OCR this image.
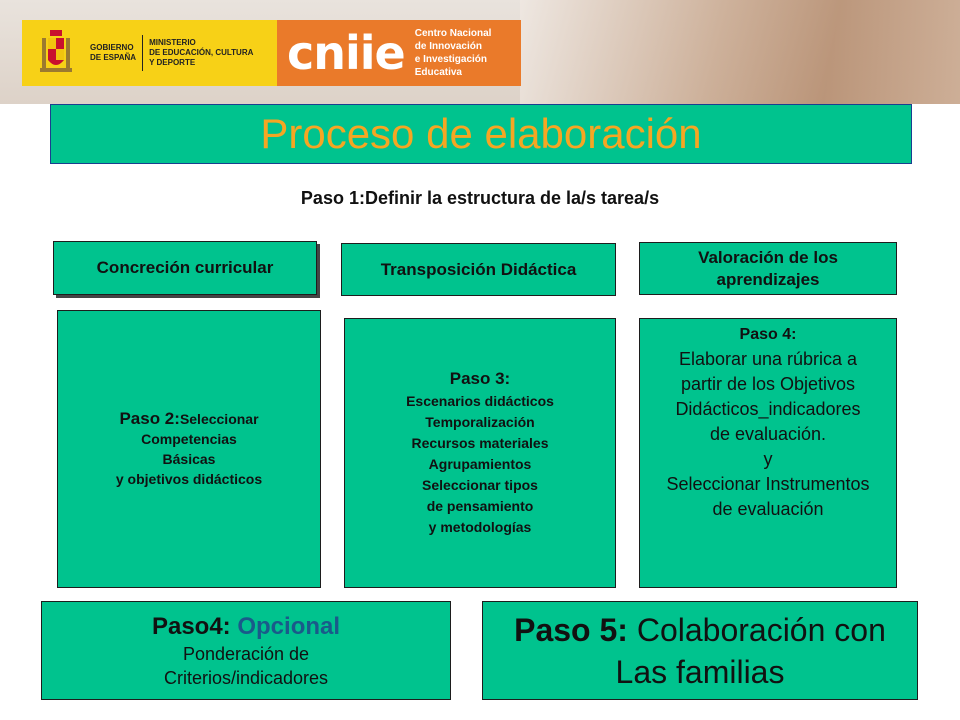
GOBIERNO
DE ESPAÑA
MINISTERIO
DE EDUCACIÓN, CULTURA
Y DEPORTE	cniie Centro Nacional
de Innovación
e Investigación Educativa
Proceso de elaboración
Paso 1:Definir la estructura de la/s tarea/s
Concreción curricular	Transposición Didáctica
Valoración de los
aprendizajes
Paso 2:Seleccionar
Competencias
Básicas
y objetivos didácticos
Paso 3:
Escenarios didácticos
Temporalización
Recursos materiales
Agrupamientos
Seleccionar tipos
de pensamiento
y metodologías
Paso 4:
Elaborar una rúbrica a
partir de los Objetivos
Didácticos_indicadores
de evaluación.
y
Seleccionar Instrumentos
de evaluación
Paso4: Opcional
Ponderación de
Criterios/indicadores
Paso 5: Colaboración con
Las familias
